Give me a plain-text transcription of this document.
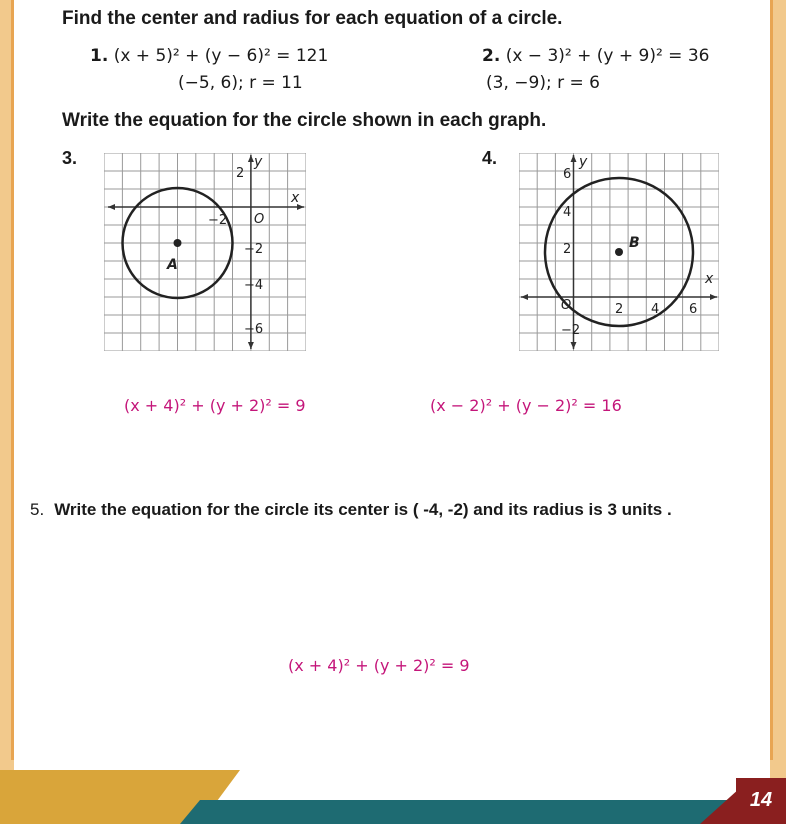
Find the center and radius for each equation of a circle.
1. (x + 5)² + (y − 6)² = 121
(−5, 6); r = 11
2. (x − 3)² + (y + 9)² = 36
(3, −9); r = 6
Write the equation for the circle shown in each graph.
3.	4.
A
y
x
O
−2
2
−2
−4
−6
B
y
x
O	2 4 6
6
4
2
−2
(x + 4)² + (y + 2)² = 9	(x − 2)² + (y − 2)² = 16
5. Write the equation for the circle its center is ( -4, -2) and its radius is 3 units .
(x + 4)² + (y + 2)² = 9
14
